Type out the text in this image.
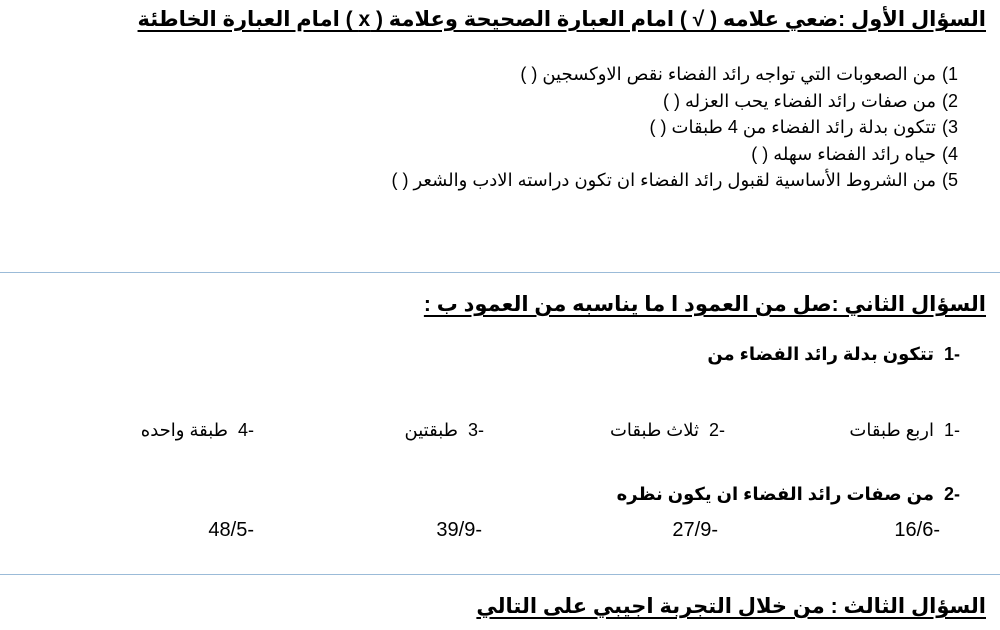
السؤال الأول :ضعي علامه ( √ ) امام العبارة الصحيحة وعلامة ( x ) امام العبارة الخاطئة
1)
من الصعوبات التي تواجه رائد الفضاء نقص الاوكسجين ( )
2)
من صفات رائد الفضاء يحب العزله ( )
3)
تتكون بدلة رائد الفضاء من 4 طبقات ( )
4)
حياه رائد الفضاء سهله ( )
5)
من الشروط الأساسية لقبول رائد الفضاء ان تكون دراسته الادب والشعر ( )
السؤال الثاني :صل من العمود ا ما يناسبه من العمود ب :
-1تتكون بدلة رائد الفضاء من
-1اربع طبقات
-2ثلاث طبقات
-3طبقتين
-4طبقة واحده
-2من صفات رائد الفضاء ان يكون نظره
-16/6
-27/9
-39/9
-48/5
السؤال الثالث : من خلال التجربة اجيبي على التالي
